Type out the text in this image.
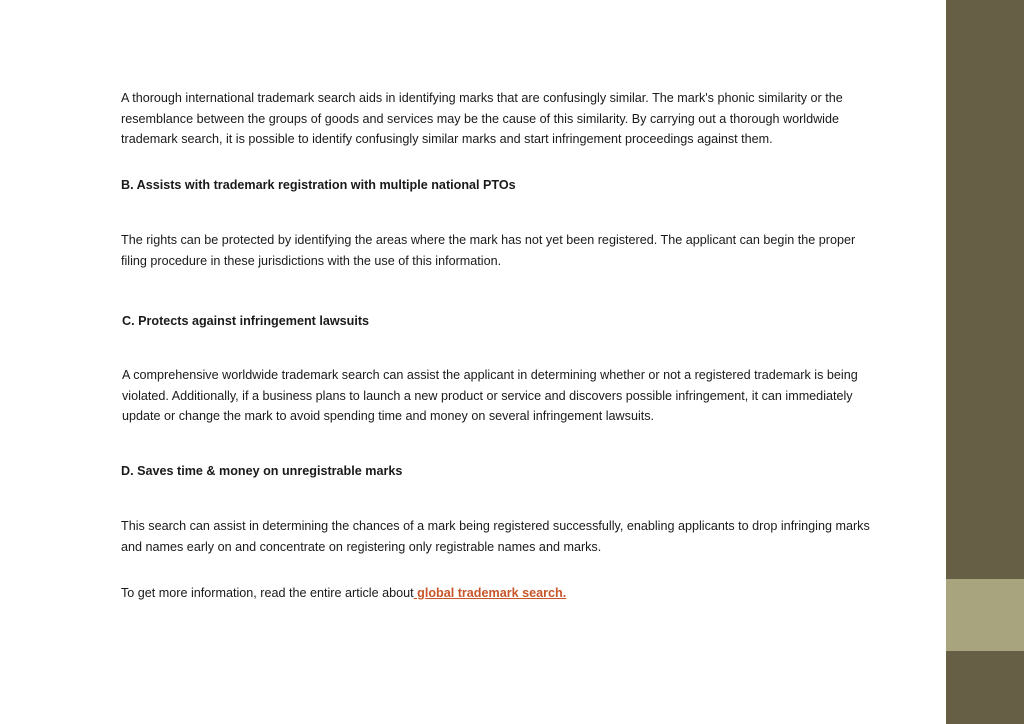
A thorough international trademark search aids in identifying marks that are confusingly similar. The mark's phonic similarity or the resemblance between the groups of goods and services may be the cause of this similarity. By carrying out a thorough worldwide trademark search, it is possible to identify confusingly similar marks and start infringement proceedings against them.

B. Assists with trademark registration with multiple national PTOs

The rights can be protected by identifying the areas where the mark has not yet been registered. The applicant can begin the proper filing procedure in these jurisdictions with the use of this information.

C. Protects against infringement lawsuits

A comprehensive worldwide trademark search can assist the applicant in determining whether or not a registered trademark is being violated. Additionally, if a business plans to launch a new product or service and discovers possible infringement, it can immediately update or change the mark to avoid spending time and money on several infringement lawsuits.

D. Saves time & money on unregistrable marks

This search can assist in determining the chances of a mark being registered successfully, enabling applicants to drop infringing marks and names early on and concentrate on registering only registrable names and marks.

To get more information, read the entire article about global trademark search.
